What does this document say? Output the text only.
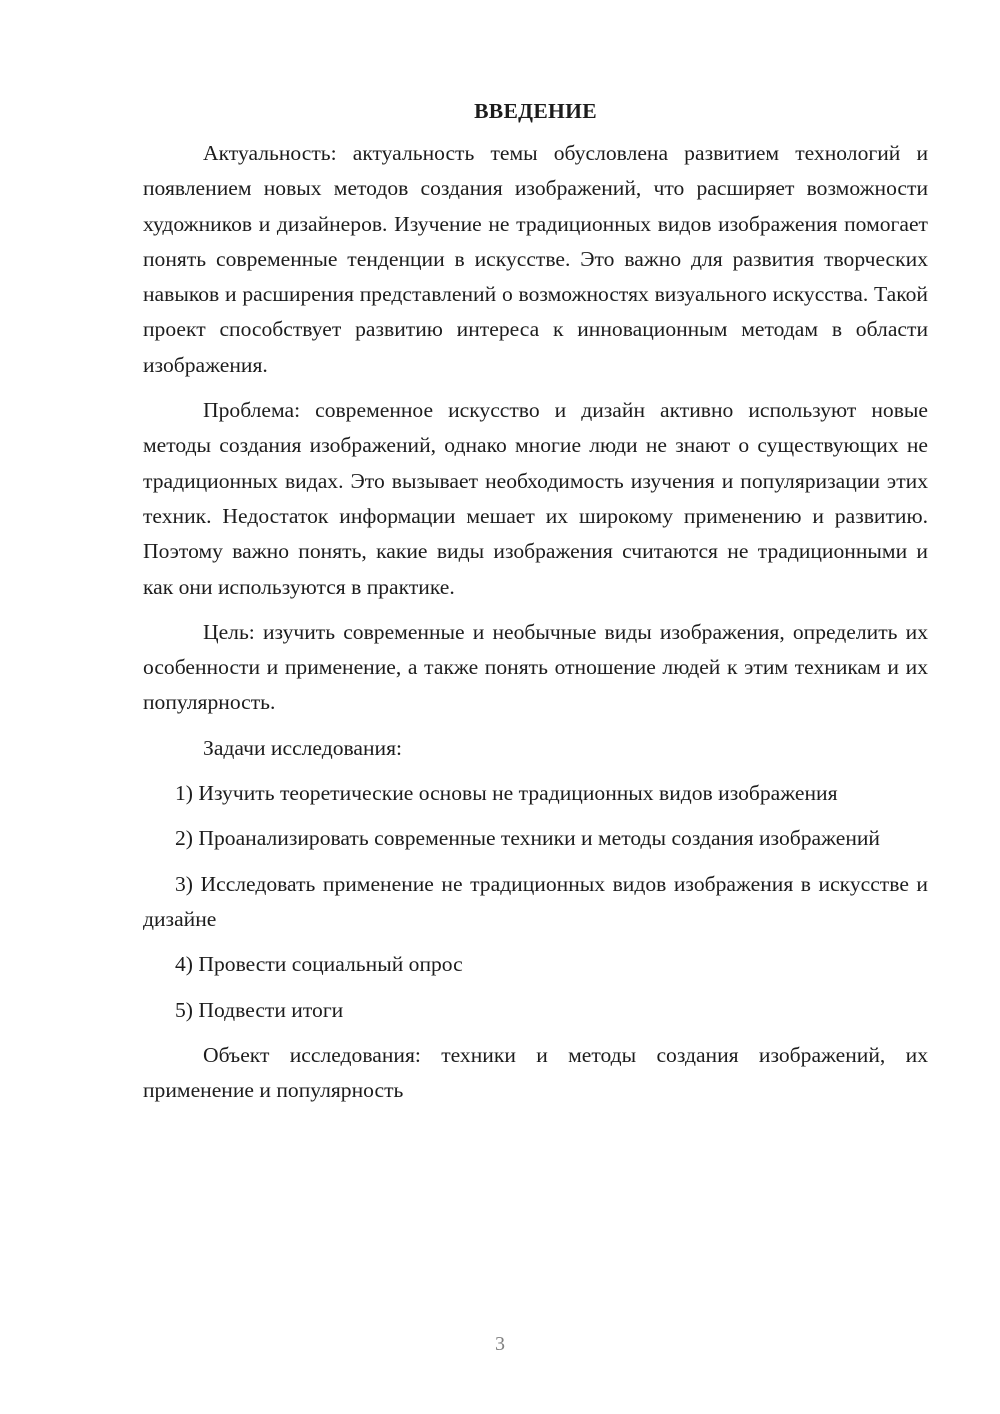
ВВЕДЕНИЕ

Актуальность: актуальность темы обусловлена развитием технологий и появлением новых методов создания изображений, что расширяет возможности художников и дизайнеров. Изучение не традиционных видов изображения помогает понять современные тенденции в искусстве. Это важно для развития творческих навыков и расширения представлений о возможностях визуального искусства. Такой проект способствует развитию интереса к инновационным методам в области изображения.

Проблема: современное искусство и дизайн активно используют новые методы создания изображений, однако многие люди не знают о существующих не традиционных видах. Это вызывает необходимость изучения и популяризации этих техник. Недостаток информации мешает их широкому применению и развитию. Поэтому важно понять, какие виды изображения считаются не традиционными и как они используются в практике.

Цель: изучить современные и необычные виды изображения, определить их особенности и применение, а также понять отношение людей к этим техникам и их популярность.

Задачи исследования:

1) Изучить теоретические основы не традиционных видов изображения

2) Проанализировать современные техники и методы создания изображений

3) Исследовать применение не традиционных видов изображения в искусстве и дизайне

4) Провести социальный опрос

5) Подвести итоги

Объект исследования: техники и методы создания изображений, их применение и популярность

3
